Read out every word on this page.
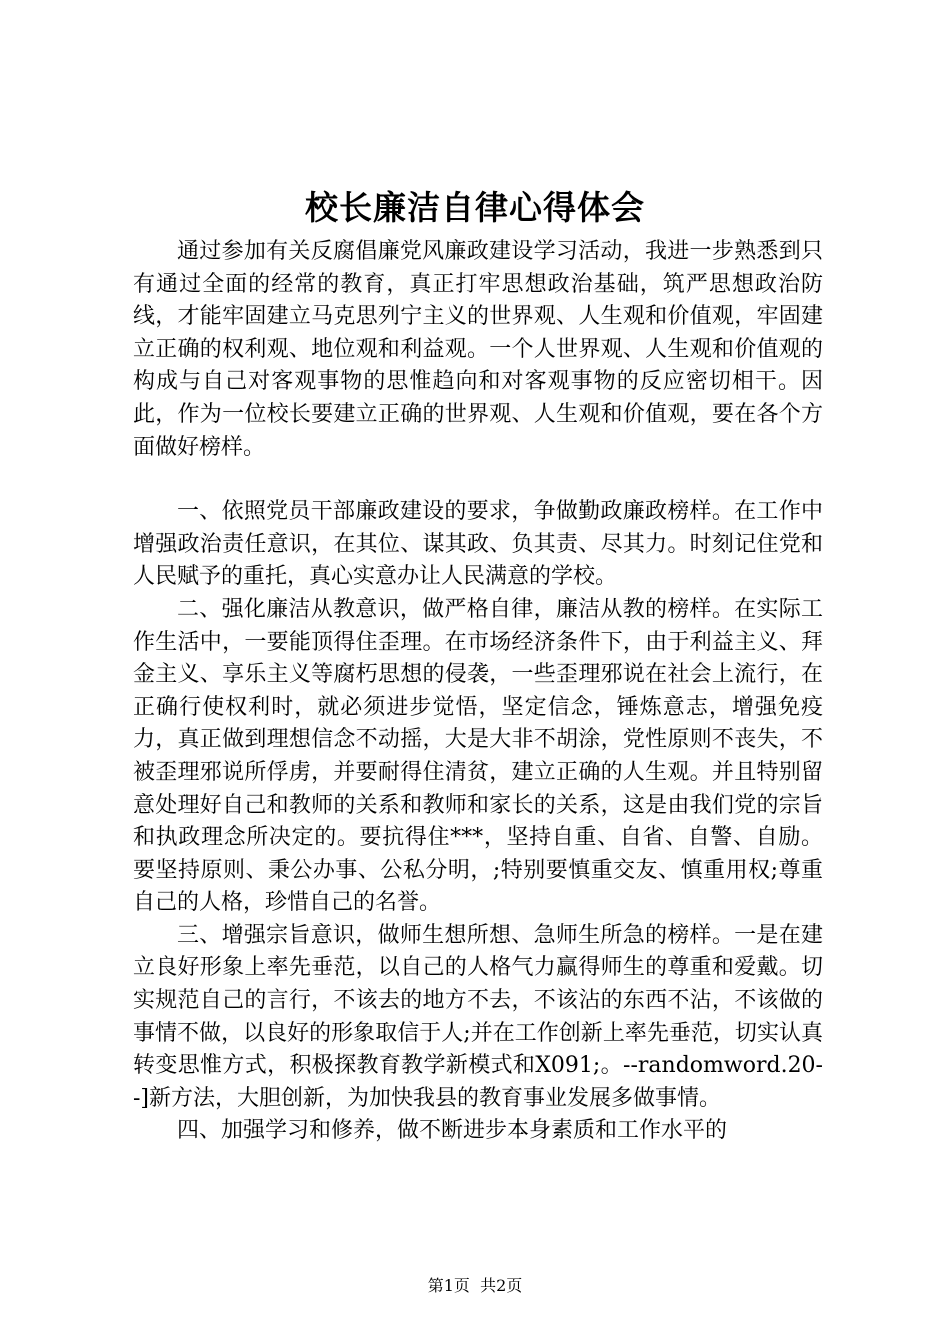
校长廉洁自律心得体会

通过参加有关反腐倡廉党风廉政建设学习活动，我进一步熟悉到只有通过全面的经常的教育，真正打牢思想政治基础，筑严思想政治防线，才能牢固建立马克思列宁主义的世界观、人生观和价值观，牢固建立正确的权利观、地位观和利益观。一个人世界观、人生观和价值观的构成与自己对客观事物的思惟趋向和对客观事物的反应密切相干。因此，作为一位校长要建立正确的世界观、人生观和价值观，要在各个方面做好榜样。

一、依照党员干部廉政建设的要求，争做勤政廉政榜样。在工作中增强政治责任意识，在其位、谋其政、负其责、尽其力。时刻记住党和人民赋予的重托，真心实意办让人民满意的学校。

二、强化廉洁从教意识，做严格自律，廉洁从教的榜样。在实际工作生活中，一要能顶得住歪理。在市场经济条件下，由于利益主义、拜金主义、享乐主义等腐朽思想的侵袭，一些歪理邪说在社会上流行，在正确行使权利时，就必须进步觉悟，坚定信念，锤炼意志，增强免疫力，真正做到理想信念不动摇，大是大非不胡涂，党性原则不丧失，不被歪理邪说所俘虏，并要耐得住清贫，建立正确的人生观。并且特别留意处理好自己和教师的关系和教师和家长的关系，这是由我们党的宗旨和执政理念所决定的。要抗得住***，坚持自重、自省、自警、自励。要坚持原则、秉公办事、公私分明，;特别要慎重交友、慎重用权;尊重自己的人格，珍惜自己的名誉。

三、增强宗旨意识，做师生想所想、急师生所急的榜样。一是在建立良好形象上率先垂范，以自己的人格气力赢得师生的尊重和爱戴。切实规范自己的言行，不该去的地方不去，不该沾的东西不沾，不该做的事情不做，以良好的形象取信于人;并在工作创新上率先垂范，切实认真转变思惟方式，积极探教育教学新模式和X091;。--randomword.20--]新方法，大胆创新，为加快我县的教育事业发展多做事情。

四、加强学习和修养，做不断进步本身素质和工作水平的

第1页 共2页
